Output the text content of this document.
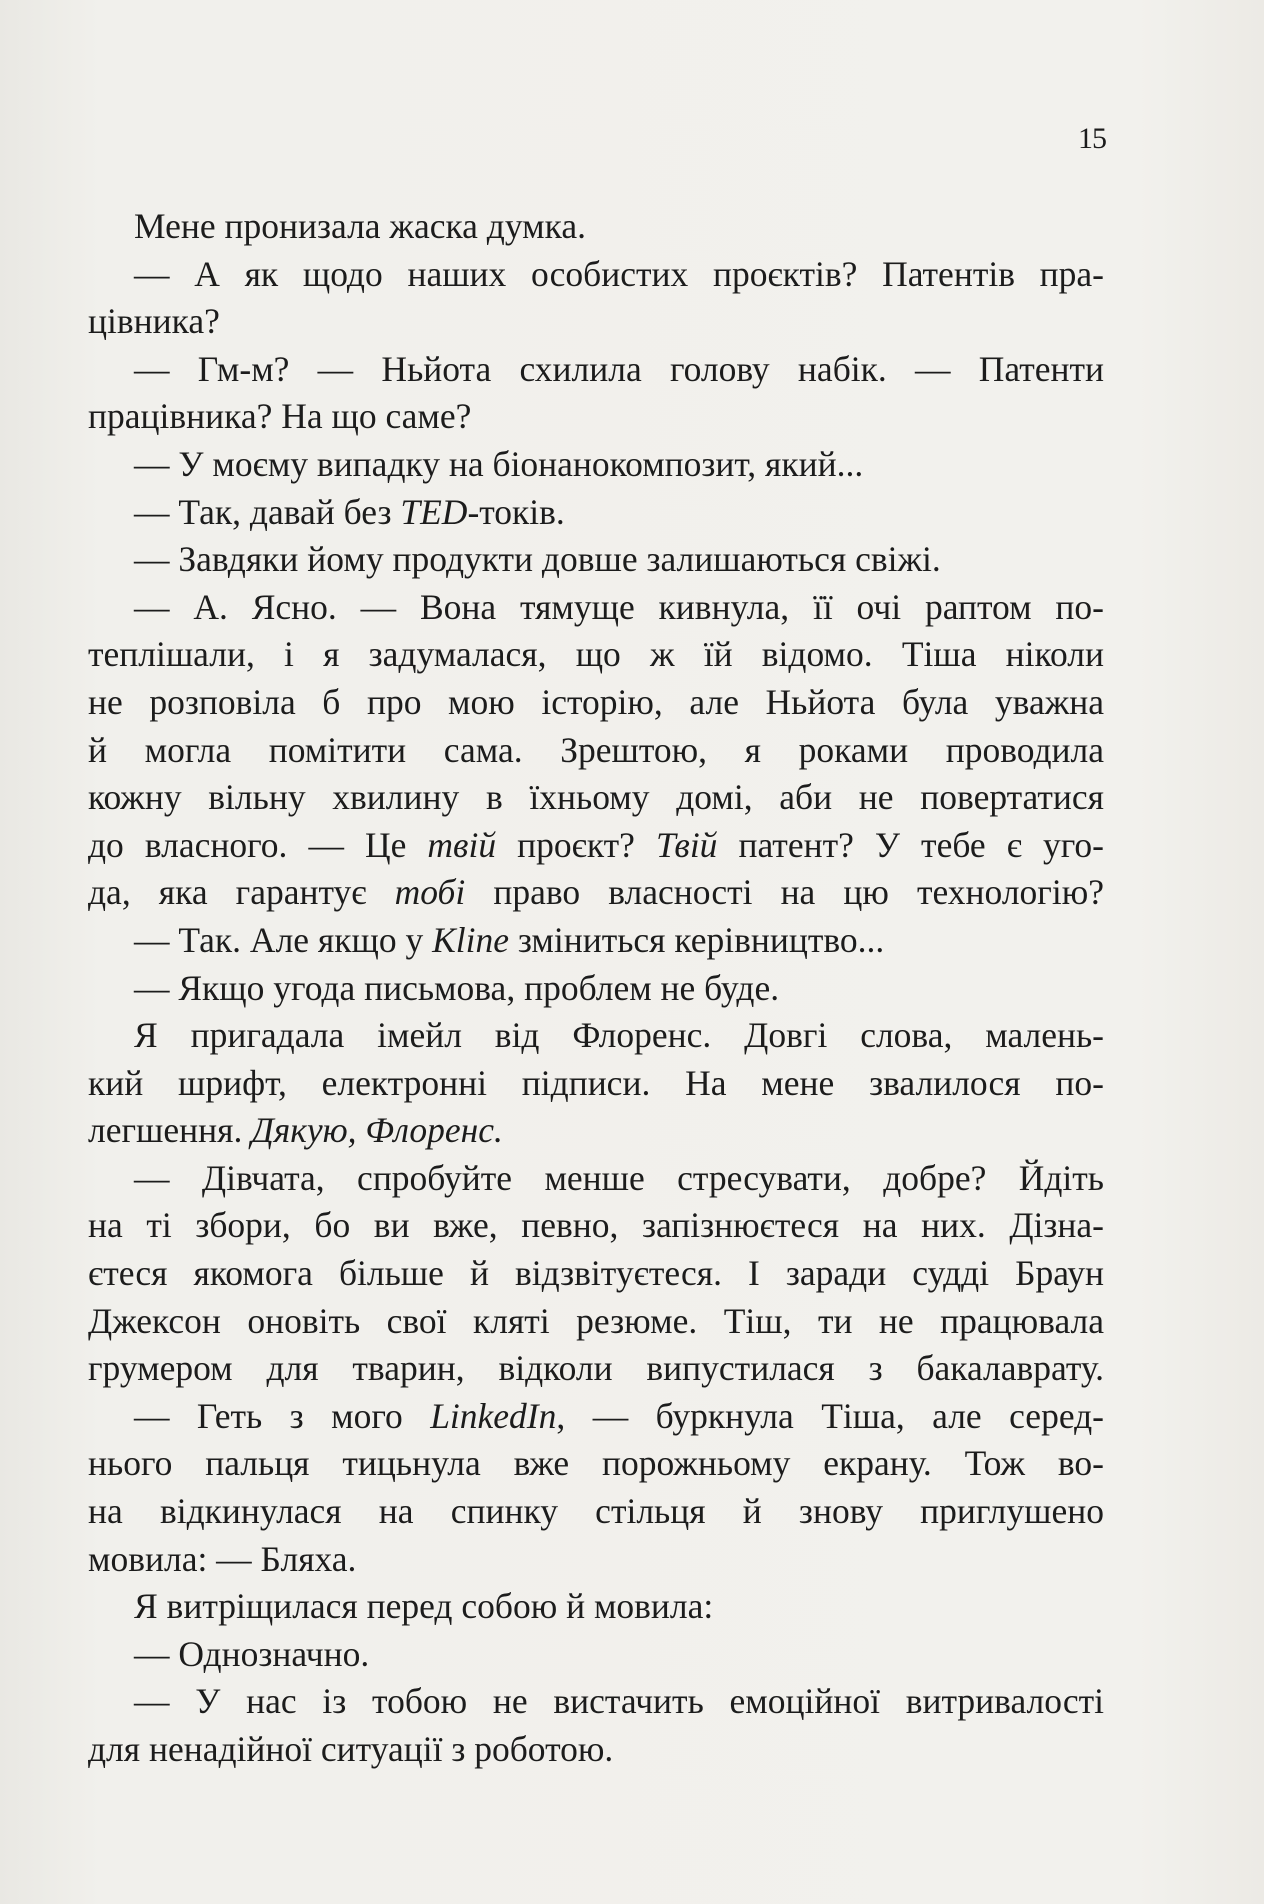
15
Мене пронизала жаска думка.
— А як щодо наших особистих проєктів? Патентів пра-
цівника?
— Гм-м? — Ньйота схилила голову набік. — Патенти
працівника? На що саме?
— У моєму випадку на біонанокомпозит, який...
— Так, давай без TED-токів.
— Завдяки йому продукти довше залишаються свіжі.
— А. Ясно. — Вона тямуще кивнула, її очі раптом по-
теплішали, і я задумалася, що ж їй відомо. Тіша ніколи
не розповіла б про мою історію, але Ньйота була уважна
й могла помітити сама. Зрештою, я роками проводила
кожну вільну хвилину в їхньому домі, аби не повертатися
до власного. — Це твій проєкт? Твій патент? У тебе є уго-
да, яка гарантує тобі право власності на цю технологію?
— Так. Але якщо у Kline зміниться керівництво...
— Якщо угода письмова, проблем не буде.
Я пригадала імейл від Флоренс. Довгі слова, малень-
кий шрифт, електронні підписи. На мене звалилося по-
легшення. Дякую, Флоренс.
— Дівчата, спробуйте менше стресувати, добре? Йдіть
на ті збори, бо ви вже, певно, запізнюєтеся на них. Дізна-
єтеся якомога більше й відзвітуєтеся. І заради судді Браун
Джексон оновіть свої кляті резюме. Тіш, ти не працювала
грумером для тварин, відколи випустилася з бакалаврату.
— Геть з мого LinkedIn, — буркнула Тіша, але серед-
нього пальця тицьнула вже порожньому екрану. Тож во-
на відкинулася на спинку стільця й знову приглушено
мовила: — Бляха.
Я витріщилася перед собою й мовила:
— Однозначно.
— У нас із тобою не вистачить емоційної витривалості
для ненадійної ситуації з роботою.
